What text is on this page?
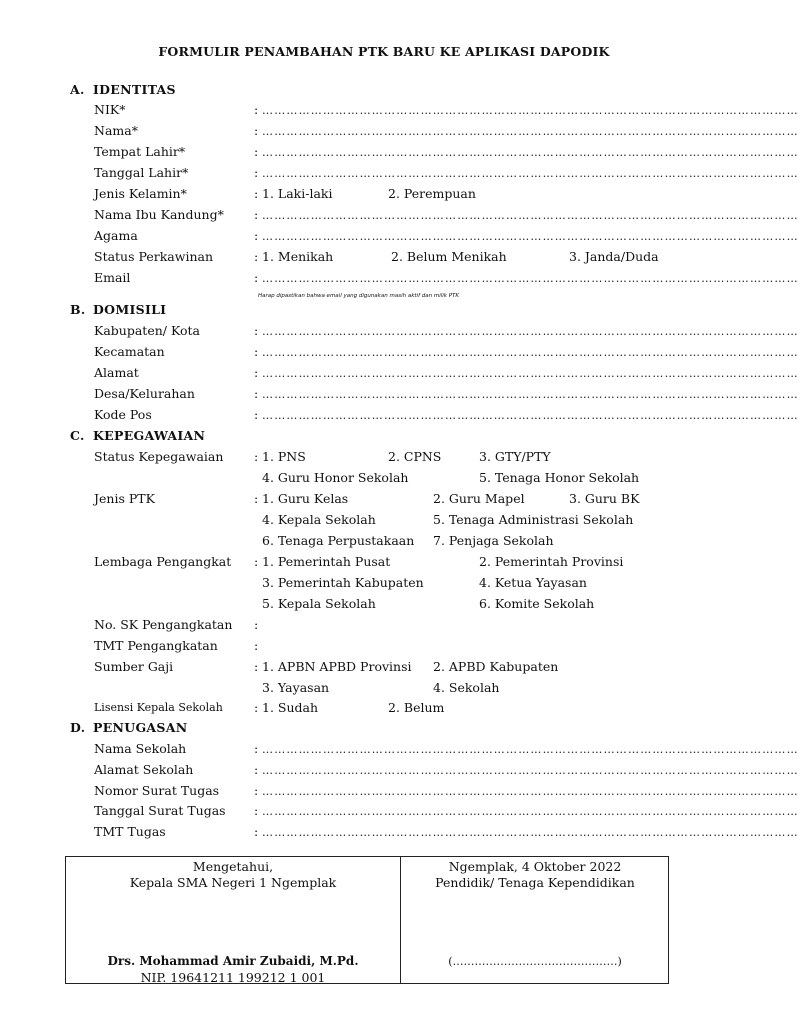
FORMULIR PENAMBAHAN PTK BARU KE APLIKASI DAPODIK
A. IDENTITAS
NIK*	: ……………………………………………………………………………………………………………………
Nama*	: ……………………………………………………………………………………………………………………
Tempat Lahir*	: ……………………………………………………………………………………………………………………
Tanggal Lahir*	: ……………………………………………………………………………………………………………………
Jenis Kelamin*	: 1. Laki-laki	2. Perempuan
Nama Ibu Kandung* : ……………………………………………………………………………………………………………………
Agama	: ……………………………………………………………………………………………………………………
Status Perkawinan	: 1. Menikah	2. Belum Menikah	3. Janda/Duda
Email	: ……………………………………………………………………………………………………………………
Harap dipastikan bahwa email yang digunakan masih aktif dan milik PTK
B. DOMISILI
Kabupaten/ Kota	: ……………………………………………………………………………………………………………………
Kecamatan	: ……………………………………………………………………………………………………………………
Alamat	: ……………………………………………………………………………………………………………………
Desa/Kelurahan	: ……………………………………………………………………………………………………………………
Kode Pos	: ……………………………………………………………………………………………………………………
C. KEPEGAWAIAN
Status Kepegawaian : 1. PNS	2. CPNS	3. GTY/PTY
4. Guru Honor Sekolah	5. Tenaga Honor Sekolah
Jenis PTK	: 1. Guru Kelas	2. Guru Mapel	3. Guru BK
4. Kepala Sekolah	5. Tenaga Administrasi Sekolah
6. Tenaga Perpustakaan 7. Penjaga Sekolah
Lembaga Pengangkat : 1. Pemerintah Pusat	2. Pemerintah Provinsi
3. Pemerintah Kabupaten	4. Ketua Yayasan
5. Kepala Sekolah	6. Komite Sekolah
No. SK Pengangkatan :
TMT Pengangkatan	:
Sumber Gaji	: 1. APBN APBD Provinsi 2. APBD Kabupaten
3. Yayasan	4. Sekolah
Lisensi Kepala Sekolah : 1. Sudah	2. Belum
D. PENUGASAN
Nama Sekolah	: ……………………………………………………………………………………………………………………
Alamat Sekolah	: ……………………………………………………………………………………………………………………
Nomor Surat Tugas	: ……………………………………………………………………………………………………………………
Tanggal Surat Tugas : ……………………………………………………………………………………………………………………
TMT Tugas	: ……………………………………………………………………………………………………………………
Mengetahui,
Kepala SMA Negeri 1 Ngemplak
Drs. Mohammad Amir Zubaidi, M.Pd.
NIP. 19641211 199212 1 001
Ngemplak, 4 Oktober 2022
Pendidik/ Tenaga Kependidikan
(………………………………………)
